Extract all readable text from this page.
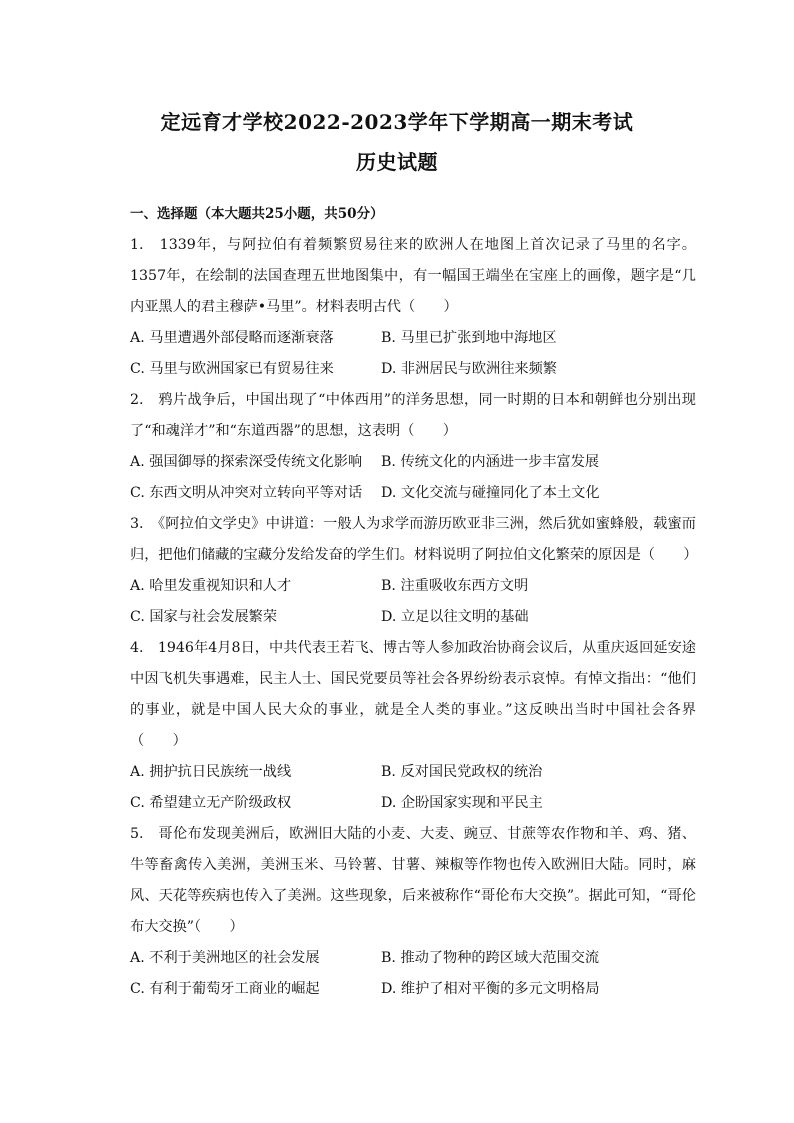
定远育才学校2022-2023学年下学期高一期末考试
历史试题
一、选择题（本大题共25小题，共50分）

1.　1339年，与阿拉伯有着频繁贸易往来的欧洲人在地图上首次记录了马里的名字。1357年，在绘制的法国查理五世地图集中，有一幅国王端坐在宝座上的画像，题字是“几内亚黑人的君主穆萨•马里”。材料表明古代（　　）

A. 马里遭遇外部侵略而逐渐衰落	B. 马里已扩张到地中海地区
C. 马里与欧洲国家已有贸易往来	D. 非洲居民与欧洲往来频繁

2.　鸦片战争后，中国出现了“中体西用”的洋务思想，同一时期的日本和朝鲜也分别出现了“和魂洋才”和“东道西器”的思想，这表明（　　）

A. 强国御辱的探索深受传统文化影响	B. 传统文化的内涵进一步丰富发展
C. 东西文明从冲突对立转向平等对话	D. 文化交流与碰撞同化了本土文化

3.　《阿拉伯文学史》中讲道：一般人为求学而游历欧亚非三洲，然后犹如蜜蜂般，载蜜而归，把他们储藏的宝藏分发给发奋的学生们。材料说明了阿拉伯文化繁荣的原因是（　　）

A. 哈里发重视知识和人才	B. 注重吸收东西方文明
C. 国家与社会发展繁荣	D. 立足以往文明的基础

4.　1946年4月8日，中共代表王若飞、博古等人参加政治协商会议后，从重庆返回延安途中因飞机失事遇难，民主人士、国民党要员等社会各界纷纷表示哀悼。有悼文指出：“他们的事业，就是中国人民大众的事业，就是全人类的事业。”这反映出当时中国社会各界（　　）

A. 拥护抗日民族统一战线	B. 反对国民党政权的统治
C. 希望建立无产阶级政权	D. 企盼国家实现和平民主

5.　哥伦布发现美洲后，欧洲旧大陆的小麦、大麦、豌豆、甘蔗等农作物和羊、鸡、猪、牛等畜禽传入美洲，美洲玉米、马铃薯、甘薯、辣椒等作物也传入欧洲旧大陆。同时，麻风、天花等疾病也传入了美洲。这些现象，后来被称作“哥伦布大交换”。据此可知，“哥伦布大交换”（　　）

A. 不利于美洲地区的社会发展	B. 推动了物种的跨区域大范围交流
C. 有利于葡萄牙工商业的崛起	D. 维护了相对平衡的多元文明格局
